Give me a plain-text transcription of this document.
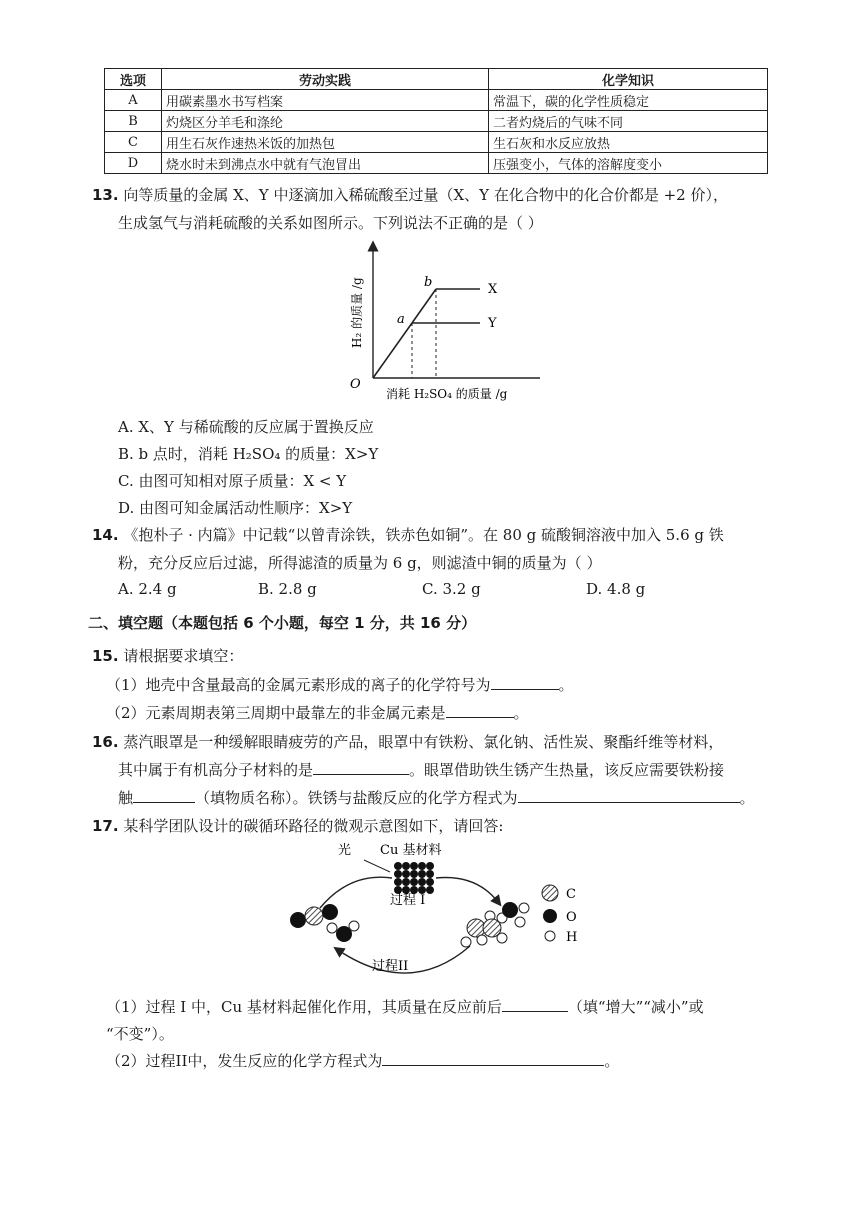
选项	劳动实践	化学知识
A	用碳素墨水书写档案	常温下，碳的化学性质稳定
B	灼烧区分羊毛和涤纶	二者灼烧后的气味不同
C	用生石灰作速热米饭的加热包	生石灰和水反应放热
D	烧水时未到沸点水中就有气泡冒出	压强变小，气体的溶解度变小
13. 向等质量的金属 X、Y 中逐滴加入稀硫酸至过量（X、Y 在化合物中的化合价都是 +2 价），
生成氢气与消耗硫酸的关系如图所示。下列说法不正确的是（ ）
O
a
b	X
Y
消耗 H₂SO₄ 的质量 /g
H₂ 的质量 /g
A. X、Y 与稀硫酸的反应属于置换反应
B. b 点时，消耗 H₂SO₄ 的质量：X>Y
C. 由图可知相对原子质量：X < Y
D. 由图可知金属活动性顺序：X>Y
14. 《抱朴子 · 内篇》中记载“以曾青涂铁，铁赤色如铜”。在 80 g 硫酸铜溶液中加入 5.6 g 铁
粉，充分反应后过滤，所得滤渣的质量为 6 g，则滤渣中铜的质量为（ ）
A. 2.4 g	B. 2.8 g	C. 3.2 g	D. 4.8 g
二、填空题（本题包括 6 个小题，每空 1 分，共 16 分）
15. 请根据要求填空：
（1）地壳中含量最高的金属元素形成的离子的化学符号为	。
（2）元素周期表第三周期中最靠左的非金属元素是	。
16. 蒸汽眼罩是一种缓解眼睛疲劳的产品，眼罩中有铁粉、氯化钠、活性炭、聚酯纤维等材料，
其中属于有机高分子材料的是	。眼罩借助铁生锈产生热量，该反应需要铁粉接
触	（填物质名称）。铁锈与盐酸反应的化学方程式为	。
17. 某科学团队设计的碳循环路径的微观示意图如下，请回答:
光 Cu 基材料
过程 I
过程II
C
O
H
（1）过程 I 中，Cu 基材料起催化作用，其质量在反应前后	（填“增大”“减小”或
“不变”）。
（2）过程II中，发生反应的化学方程式为	。
